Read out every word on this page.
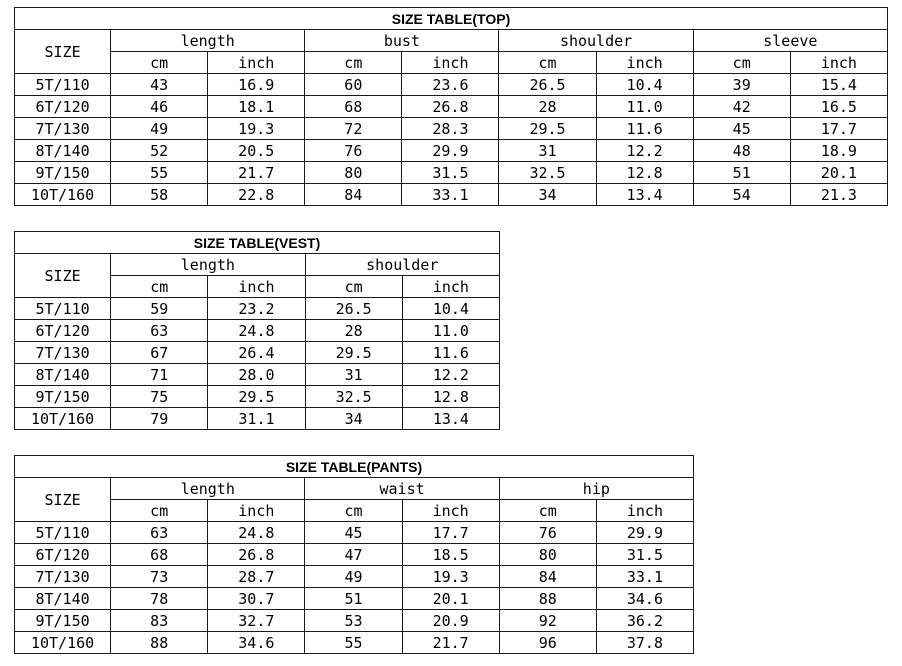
SIZE TABLE(TOP)								
SIZE	length		bust		shoulder		sleeve	
	cm	inch	cm	inch	cm	inch	cm	inch
5T/110	43	16.9	60	23.6	26.5	10.4	39	15.4
6T/120	46	18.1	68	26.8	28	11.0	42	16.5
7T/130	49	19.3	72	28.3	29.5	11.6	45	17.7
8T/140	52	20.5	76	29.9	31	12.2	48	18.9
9T/150	55	21.7	80	31.5	32.5	12.8	51	20.1
10T/160	58	22.8	84	33.1	34	13.4	54	21.3
SIZE TABLE(VEST)				
SIZE	length		shoulder	
	cm	inch	cm	inch
5T/110	59	23.2	26.5	10.4
6T/120	63	24.8	28	11.0
7T/130	67	26.4	29.5	11.6
8T/140	71	28.0	31	12.2
9T/150	75	29.5	32.5	12.8
10T/160	79	31.1	34	13.4
SIZE TABLE(PANTS)						
SIZE	length		waist		hip	
	cm	inch	cm	inch	cm	inch
5T/110	63	24.8	45	17.7	76	29.9
6T/120	68	26.8	47	18.5	80	31.5
7T/130	73	28.7	49	19.3	84	33.1
8T/140	78	30.7	51	20.1	88	34.6
9T/150	83	32.7	53	20.9	92	36.2
10T/160	88	34.6	55	21.7	96	37.8
